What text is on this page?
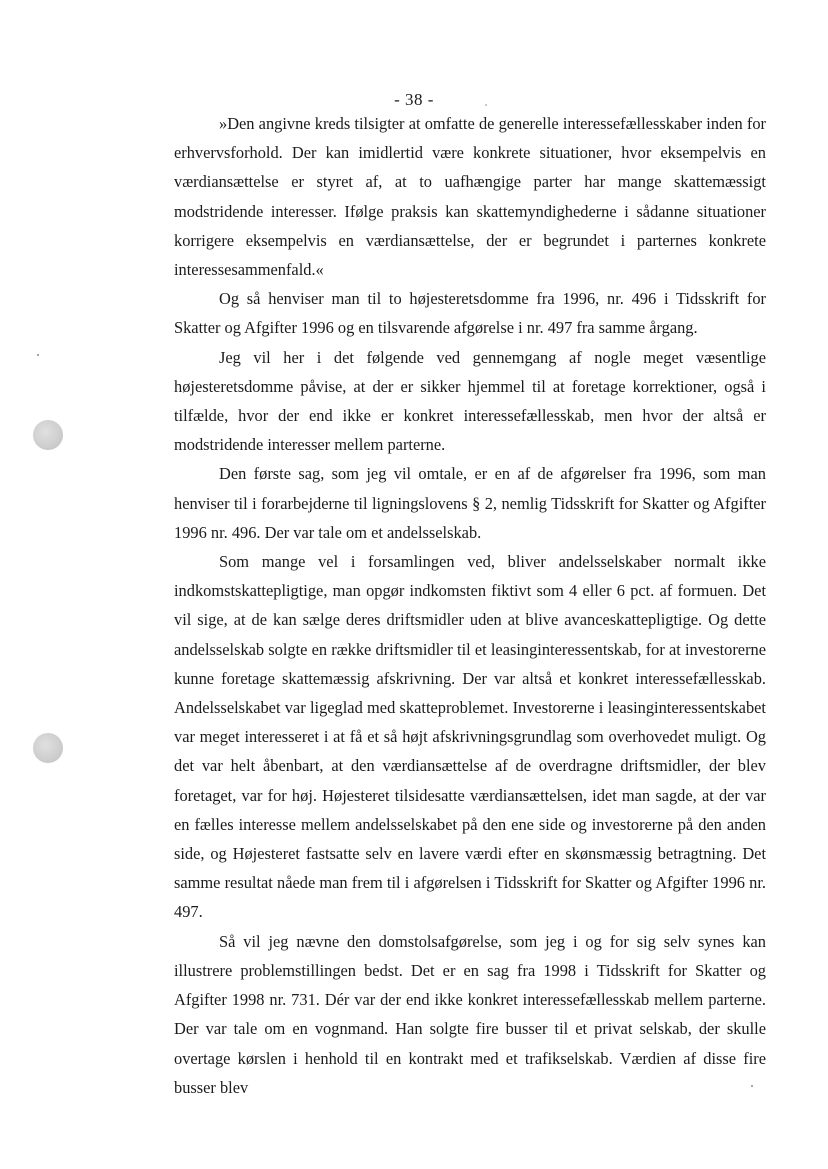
- 38 -

»Den angivne kreds tilsigter at omfatte de generelle interessefællesskaber inden for erhvervsforhold. Der kan imidlertid være konkrete situationer, hvor eksempelvis en værdiansættelse er styret af, at to uafhængige parter har mange skattemæssigt modstridende interesser. Ifølge praksis kan skattemyndighederne i sådanne situationer korrigere eksempelvis en værdiansættelse, der er begrundet i parternes konkrete interessesammenfald.«

Og så henviser man til to højesteretsdomme fra 1996, nr. 496 i Tidsskrift for Skatter og Afgifter 1996 og en tilsvarende afgørelse i nr. 497 fra samme årgang.

Jeg vil her i det følgende ved gennemgang af nogle meget væsentlige højesteretsdomme påvise, at der er sikker hjemmel til at foretage korrektioner, også i tilfælde, hvor der end ikke er konkret interessefællesskab, men hvor der altså er modstridende interesser mellem parterne.

Den første sag, som jeg vil omtale, er en af de afgørelser fra 1996, som man henviser til i forarbejderne til ligningslovens § 2, nemlig Tidsskrift for Skatter og Afgifter 1996 nr. 496. Der var tale om et andelsselskab.

Som mange vel i forsamlingen ved, bliver andelsselskaber normalt ikke indkomstskattepligtige, man opgør indkomsten fiktivt som 4 eller 6 pct. af formuen. Det vil sige, at de kan sælge deres driftsmidler uden at blive avanceskattepligtige. Og dette andelsselskab solgte en række driftsmidler til et leasinginteressentskab, for at investorerne kunne foretage skattemæssig afskrivning. Der var altså et konkret interessefællesskab. Andelsselskabet var ligeglad med skatteproblemet. Investorerne i leasinginteressentskabet var meget interesseret i at få et så højt afskrivningsgrundlag som overhovedet muligt. Og det var helt åbenbart, at den værdiansættelse af de overdragne driftsmidler, der blev foretaget, var for høj. Højesteret tilsidesatte værdiansættelsen, idet man sagde, at der var en fælles interesse mellem andelsselskabet på den ene side og investorerne på den anden side, og Højesteret fastsatte selv en lavere værdi efter en skønsmæssig betragtning. Det samme resultat nåede man frem til i afgørelsen i Tidsskrift for Skatter og Afgifter 1996 nr. 497.

Så vil jeg nævne den domstolsafgørelse, som jeg i og for sig selv synes kan illustrere problemstillingen bedst. Det er en sag fra 1998 i Tidsskrift for Skatter og Afgifter 1998 nr. 731. Dér var der end ikke konkret interessefællesskab mellem parterne. Der var tale om en vognmand. Han solgte fire busser til et privat selskab, der skulle overtage kørslen i henhold til en kontrakt med et trafikselskab. Værdien af disse fire busser blev
